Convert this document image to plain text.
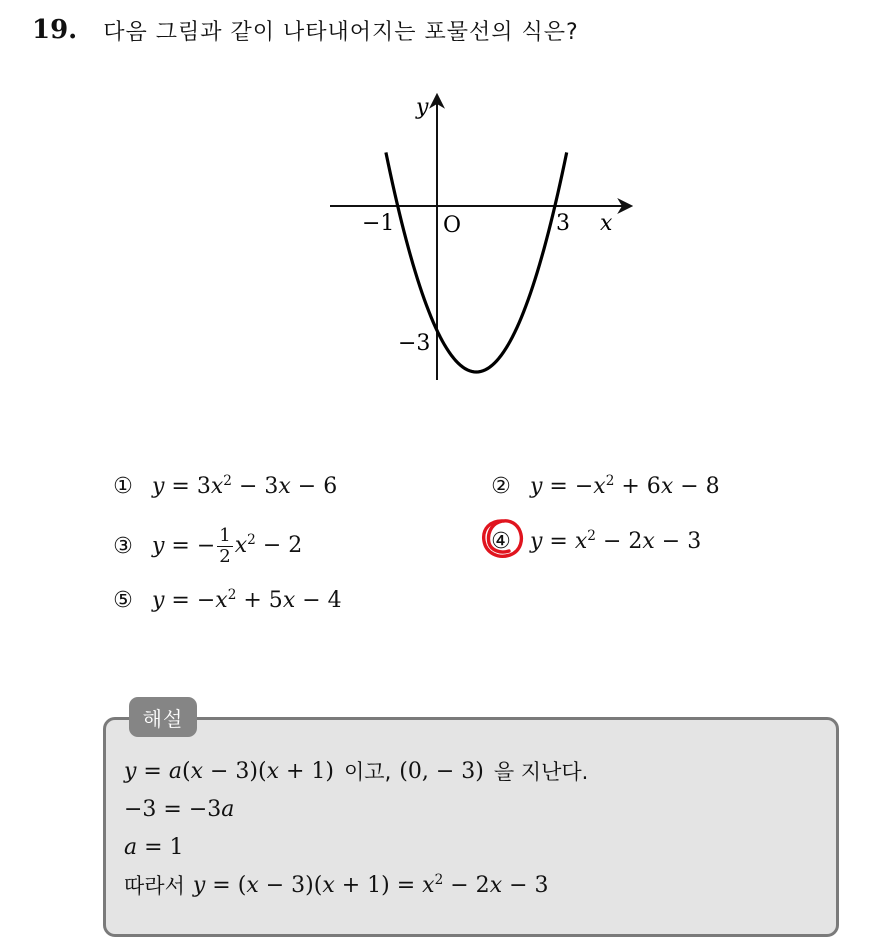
19. 다음 그림과 같이 나타내어지는 포물선의 식은?
y
x
O
−1	3
−3
① $y = 3x^2 - 3x - 6$	② $y = -x^2 + 6x - 8$
③ y = − $\frac{1}{2} x^2 - 2$	④ $y = x^2 - 2x - 3$
⑤ $y = -x^2 + 5x - 4$
해설
y = a(x − 3)(x + 1) 이고, (0, − 3) 을 지난다.
−3 = −3a
a = 1
따라서 $y = (x - 3)(x + 1) = x^2 - 2x - 3$
